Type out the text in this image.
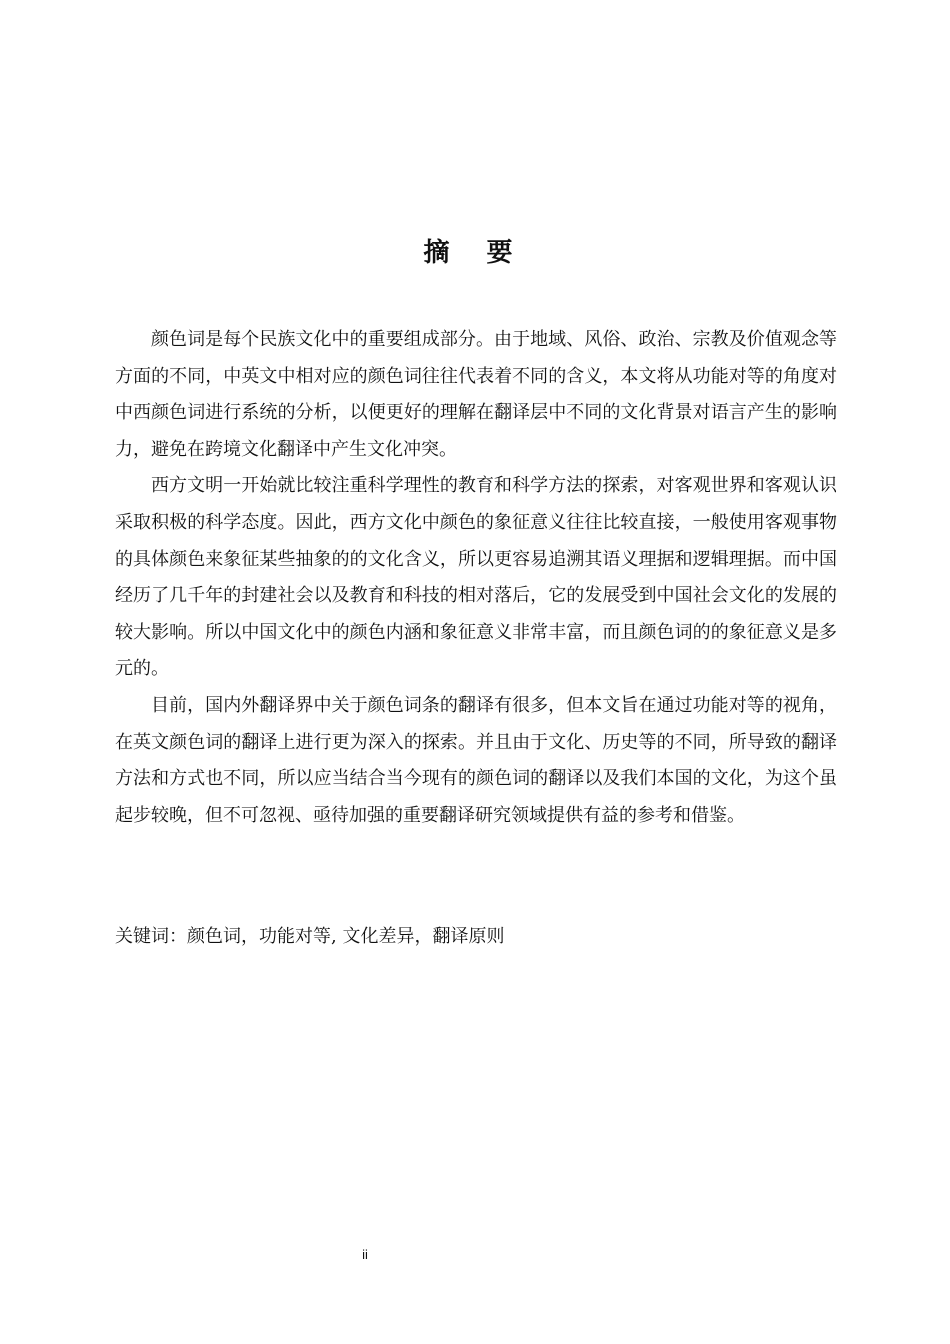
摘 要

颜色词是每个民族文化中的重要组成部分。由于地域、风俗、政治、宗教及价值观念等方面的不同，中英文中相对应的颜色词往往代表着不同的含义，本文将从功能对等的角度对中西颜色词进行系统的分析，以便更好的理解在翻译层中不同的文化背景对语言产生的影响力，避免在跨境文化翻译中产生文化冲突。

西方文明一开始就比较注重科学理性的教育和科学方法的探索，对客观世界和客观认识采取积极的科学态度。因此，西方文化中颜色的象征意义往往比较直接，一般使用客观事物的具体颜色来象征某些抽象的的文化含义，所以更容易追溯其语义理据和逻辑理据。而中国经历了几千年的封建社会以及教育和科技的相对落后，它的发展受到中国社会文化的发展的较大影响。所以中国文化中的颜色内涵和象征意义非常丰富，而且颜色词的的象征意义是多元的。

目前，国内外翻译界中关于颜色词条的翻译有很多，但本文旨在通过功能对等的视角，在英文颜色词的翻译上进行更为深入的探索。并且由于文化、历史等的不同，所导致的翻译方法和方式也不同，所以应当结合当今现有的颜色词的翻译以及我们本国的文化，为这个虽起步较晚，但不可忽视、亟待加强的重要翻译研究领域提供有益的参考和借鉴。

关键词：颜色词，功能对等, 文化差异，翻译原则
ii
